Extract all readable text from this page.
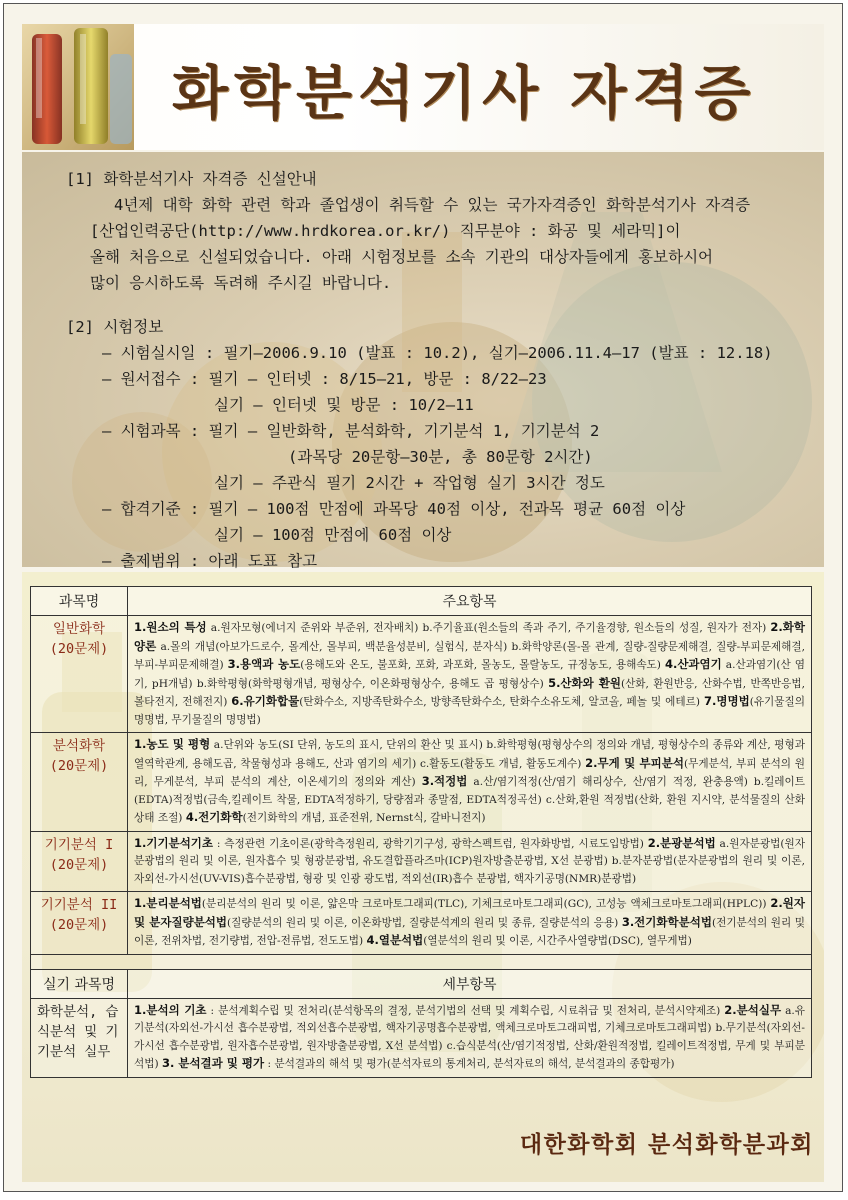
화학분석기사 자격증
[1] 화학분석기사 자격증 신설안내
4년제 대학 화학 관련 학과 졸업생이 취득할 수 있는 국가자격증인 화학분석기사 자격증
[산업인력공단(http://www.hrdkorea.or.kr/) 직무분야 : 화공 및 세라믹]이
올해 처음으로 신설되었습니다. 아래 시험정보를 소속 기관의 대상자들에게 홍보하시어
많이 응시하도록 독려해 주시길 바랍니다.
[2] 시험정보
– 시험실시일 : 필기–2006.9.10 (발표 : 10.2), 실기–2006.11.4–17 (발표 : 12.18)
– 원서접수 : 필기 – 인터넷 : 8/15–21, 방문 : 8/22–23
실기 – 인터넷 및 방문 : 10/2–11
– 시험과목 : 필기 – 일반화학, 분석화학, 기기분석 1, 기기분석 2
(과목당 20문항–30분, 총 80문항 2시간)
실기 – 주관식 필기 2시간 + 작업형 실기 3시간 정도
– 합격기준 : 필기 – 100점 만점에 과목당 40점 이상, 전과목 평균 60점 이상
실기 – 100점 만점에 60점 이상
– 출제범위 : 아래 도표 참고
과목명	주요항목
일반화학
(20문제)	1.원소의 특성 a.원자모형(에너지 준위와 부준위, 전자배치) b.주기율표(원소들의 족과 주기, 주기율경향, 원소들의 성질, 원자가 전자) 2.화학양론 a.몰의 개념(아보가드로수, 몰계산, 몰부피, 백분율성분비, 실험식, 분자식) b.화학양론(몰-몰 관계, 질량-질량문제해결, 질량-부피문제해결, 부피-부피문제해결) 3.용액과 농도(용해도와 온도, 불포화, 포화, 과포화, 몰농도, 몰랄농도, 규정농도, 용해속도) 4.산과염기 a.산과염기(산 염기, pH개념) b.화학평형(화학평형개념, 평형상수, 이온화평형상수, 용해도 곱 평형상수) 5.산화와 환원(산화, 환원반응, 산화수법, 반쪽반응법, 볼타전지, 전해전지) 6.유기화합물(탄화수소, 지방족탄화수소, 방향족탄화수소, 탄화수소유도체, 알코올, 페놀 및 에테르) 7.명명법(유기물질의 명명법, 무기물질의 명명법)
분석화학
(20문제)	1.농도 및 평형 a.단위와 농도(SI 단위, 농도의 표시, 단위의 환산 및 표시) b.화학평형(평형상수의 정의와 개념, 평형상수의 종류와 계산, 평형과 열역학관계, 용해도곱, 착물형성과 용해도, 산과 염기의 세기) c.활동도(활동도 개념, 활동도계수) 2.무게 및 부피분석(무게분석, 부피 분석의 원리, 무게분석, 부피 분석의 계산, 이온세기의 정의와 계산) 3.적정법 a.산/염기적정(산/염기 해리상수, 산/염기 적정, 완충용액) b.킬레이트(EDTA)적정법(금속,킬레이트 착물, EDTA적정하기, 당량점과 종말점, EDTA적정곡선) c.산화,환원 적정법(산화, 환원 지시약, 분석물질의 산화상태 조절) 4.전기화학(전기화학의 개념, 표준전위, Nernst식, 갈바니전지)
기기분석 I
(20문제)	1.기기분석기초 : 측정관련 기초이론(광학측정원리, 광학기기구성, 광학스펙트럼, 원자화방법, 시료도입방법) 2.분광분석법 a.원자분광법(원자분광법의 원리 및 이론, 원자흡수 및 형광분광법, 유도결합플라즈마(ICP)원자방출분광법, X선 분광법) b.분자분광법(분자분광법의 원리 및 이론, 자외선-가시선(UV-VIS)흡수분광법, 형광 및 인광 광도법, 적외선(IR)흡수 분광법, 핵자기공명(NMR)분광법)
기기분석 II
(20문제)	1.분리분석법(분리분석의 원리 및 이론, 얇은막 크로마토그래피(TLC), 기체크로마토그래피(GC), 고성능 액체크로마토그래피(HPLC)) 2.원자 및 분자질량분석법(질량분석의 원리 및 이론, 이온화방법, 질량분석계의 원리 및 종류, 질량분석의 응용) 3.전기화학분석법(전기분석의 원리 및 이론, 전위차법, 전기량법, 전압-전류법, 전도도법) 4.열분석법(열분석의 원리 및 이론, 시간주사열량법(DSC), 열무게법)

실기 과목명	세부항목
화학분석, 습식분석 및 기기분석 실무	1.분석의 기초 : 분석계획수립 및 전처리(분석항목의 결정, 분석기법의 선택 및 계획수립, 시료취급 및 전처리, 분석시약제조) 2.분석실무 a.유기분석(자외선-가시선 흡수분광법, 적외선흡수분광법, 핵자기공명흡수분광법, 액체크로마토그래피법, 기체크로마토그래피법) b.무기분석(자외선-가시선 흡수분광법, 원자흡수분광법, 원자방출분광법, X선 분석법) c.습식분석(산/염기적정법, 산화/환원적정법, 킬레이트적정법, 무게 및 부피분석법) 3. 분석결과 및 평가 : 분석결과의 해석 및 평가(분석자료의 통계처리, 분석자료의 해석, 분석결과의 종합평가)
대한화학회 분석화학분과회
